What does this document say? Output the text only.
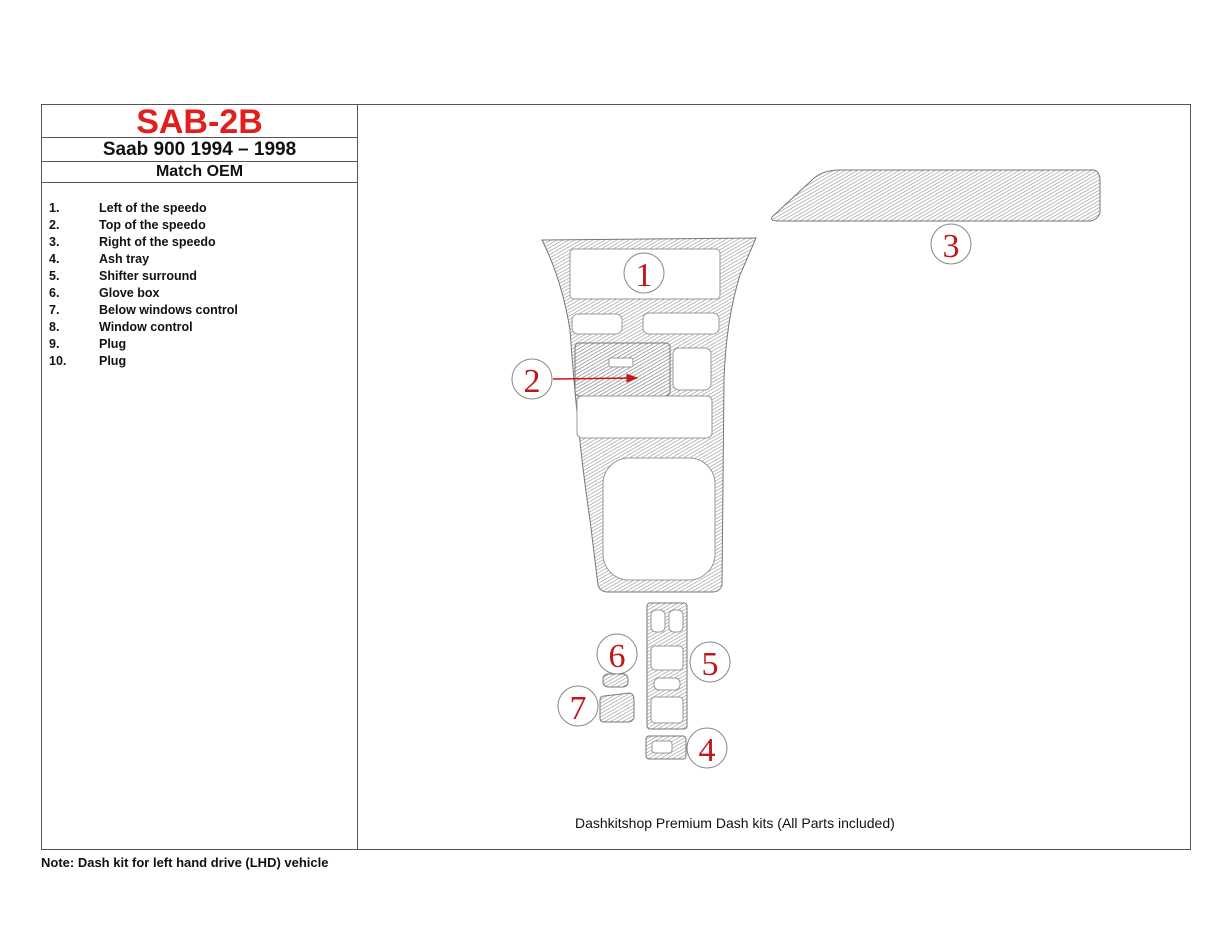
SAB-2B
Saab 900 1994 – 1998
Match OEM
1.	Left of the speedo
2.	Top of the speedo
3.	Right of the speedo
4.	Ash tray
5.	Shifter surround
6.	Glove box
7.	Below windows control
8.	Window control
9.	Plug
10.	Plug
1
2
3
4
5
6
7
Dashkitshop Premium Dash kits (All Parts included)
Note: Dash kit for left hand drive (LHD) vehicle
